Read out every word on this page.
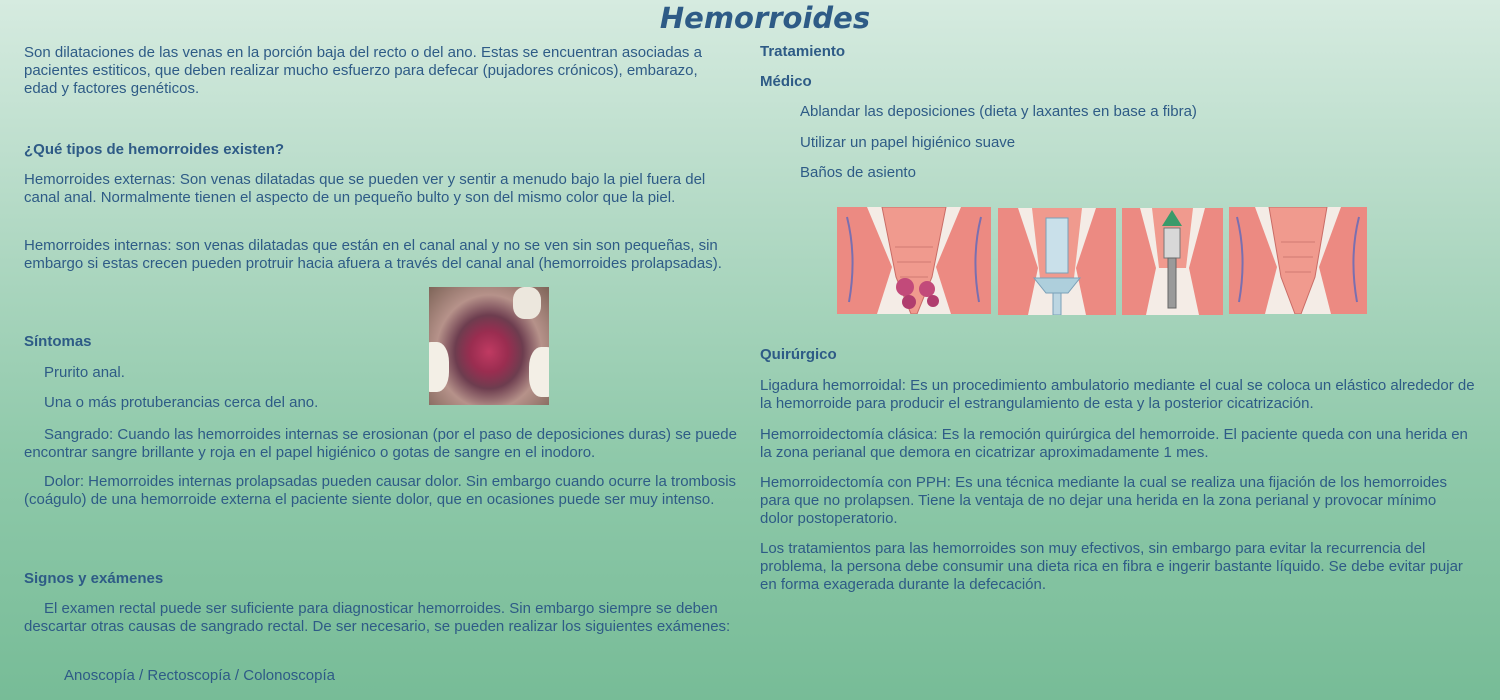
Hemorroides

Son dilataciones de las venas en la porción baja del recto o del ano. Estas se encuentran asociadas a pacientes estiticos, que deben realizar mucho esfuerzo para defecar (pujadores crónicos), embarazo, edad y factores genéticos.

¿Qué tipos de hemorroides existen?

Hemorroides externas: Son venas dilatadas que se pueden ver y sentir a menudo bajo la piel fuera del canal anal. Normalmente tienen el aspecto de un pequeño bulto y son del mismo color que la piel.

Hemorroides internas: son venas dilatadas que están en el canal anal y no se ven sin son pequeñas, sin embargo si estas crecen pueden protruir hacia afuera a través del canal anal (hemorroides prolapsadas).

Síntomas

Prurito anal.

Una o más protuberancias cerca del ano.

Sangrado: Cuando las hemorroides internas se erosionan (por el paso de deposiciones duras) se puede encontrar sangre brillante y roja en el papel higiénico o gotas de sangre en el inodoro.

Dolor: Hemorroides internas prolapsadas pueden causar dolor. Sin embargo cuando ocurre la trombosis (coágulo) de una hemorroide externa el paciente siente dolor, que en ocasiones puede ser muy intenso.

Signos y exámenes

El examen rectal puede ser suficiente para diagnosticar hemorroides. Sin embargo siempre se deben descartar otras causas de sangrado rectal. De ser necesario, se pueden realizar los siguientes exámenes:

Anoscopía / Rectoscopía / Colonoscopía

Tratamiento

Médico

Ablandar las deposiciones (dieta y laxantes en base a fibra)

Utilizar un papel higiénico suave

Baños de asiento

Quirúrgico

Ligadura hemorroidal: Es un procedimiento ambulatorio mediante el cual se coloca un elástico alrededor de la hemorroide para producir el estrangulamiento de esta y la posterior cicatrización.

Hemorroidectomía clásica: Es la remoción quirúrgica del hemorroide. El paciente queda con una herida en la zona perianal que demora en cicatrizar aproximadamente 1 mes.

Hemorroidectomía con PPH: Es una técnica mediante la cual se realiza una fijación de los hemorroides para que no prolapsen. Tiene la ventaja de no dejar una herida en la zona perianal y provocar mínimo dolor postoperatorio.

Los tratamientos para las hemorroides son muy efectivos, sin embargo para evitar la recurrencia del problema, la persona debe consumir una dieta rica en fibra e ingerir bastante líquido. Se debe evitar pujar en forma exagerada durante la defecación.
